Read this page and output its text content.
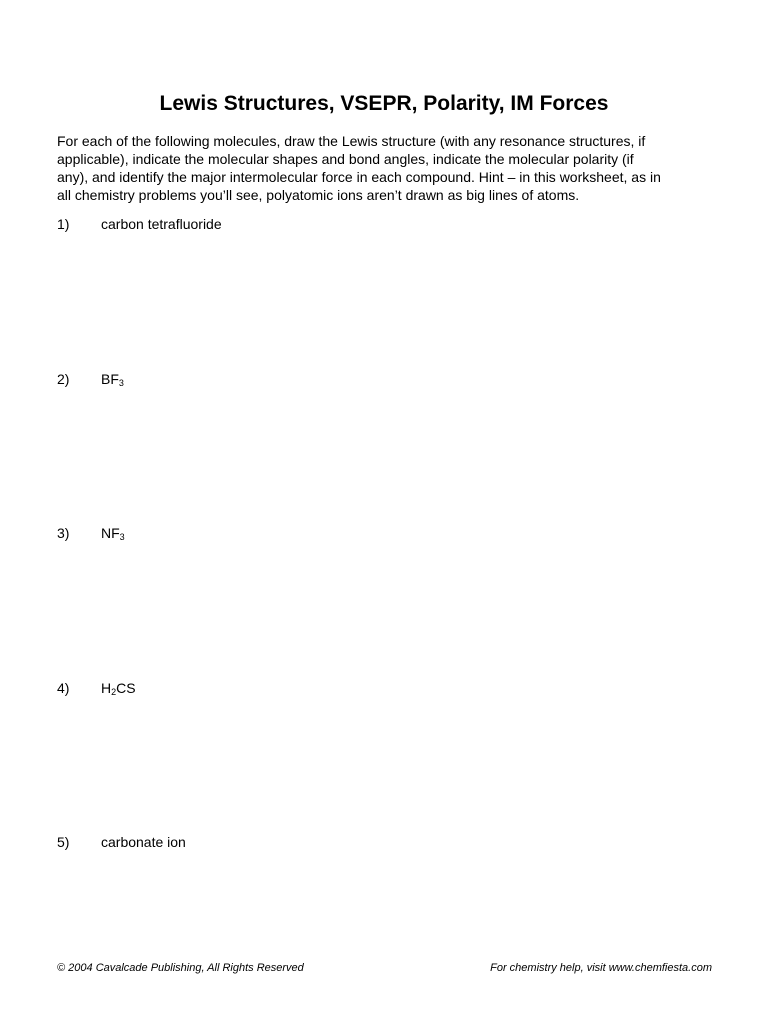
Lewis Structures, VSEPR, Polarity, IM Forces

For each of the following molecules, draw the Lewis structure (with any resonance structures, if
applicable), indicate the molecular shapes and bond angles, indicate the molecular polarity (if
any), and identify the major intermolecular force in each compound. Hint – in this worksheet, as in
all chemistry problems you’ll see, polyatomic ions aren’t drawn as big lines of atoms.

1) carbon tetrafluoride
2) $BF_3$
3) $NF_3$
4) $H_2CS$
5) carbonate ion
© 2004 Cavalcade Publishing, All Rights Reserved	For chemistry help, visit www.chemfiesta.com
